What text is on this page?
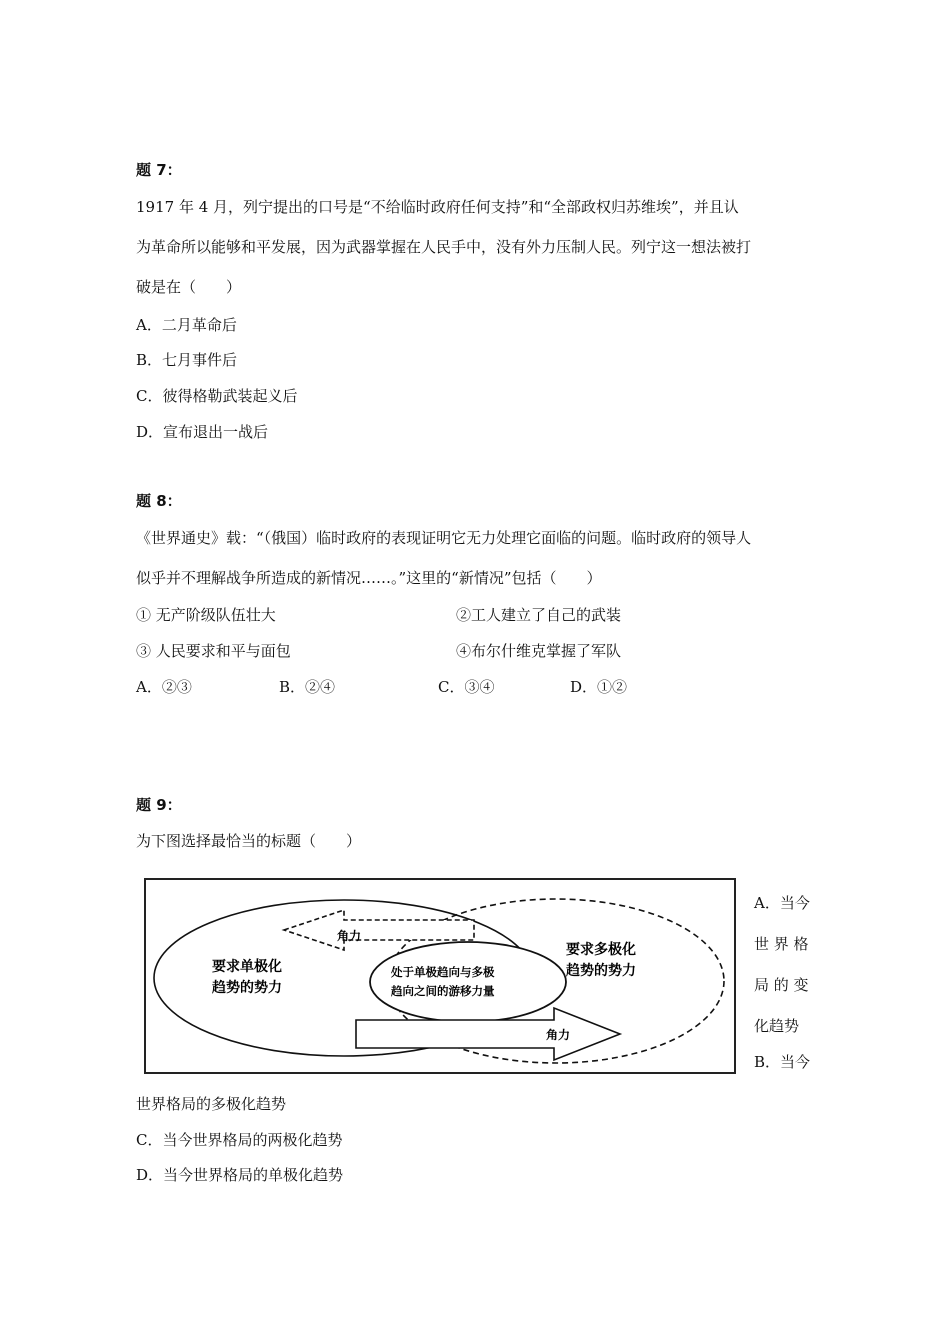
题 7：
1917 年 4 月，列宁提出的口号是“不给临时政府任何支持”和“全部政权归苏维埃”，并且认
为革命所以能够和平发展，因为武器掌握在人民手中，没有外力压制人民。列宁这一想法被打
破是在（　　）
A．二月革命后
B．七月事件后
C．彼得格勒武装起义后
D．宣布退出一战后
题 8：
《世界通史》载：“（俄国）临时政府的表现证明它无力处理它面临的问题。临时政府的领导人
似乎并不理解战争所造成的新情况……。”这里的“新情况”包括（　　）
① 无产阶级队伍壮大	②工人建立了自己的武装
③ 人民要求和平与面包	④布尔什维克掌握了军队
A．②③	B．②④	C．③④	D．①②
题 9：
为下图选择最恰当的标题（　　）
角力
角力
要求单极化
趋势的势力
要求多极化
趋势的势力
处于单极趋向与多极
趋向之间的游移力量
A．当今
世 界 格
局 的 变
化趋势
B．当今
世界格局的多极化趋势
C．当今世界格局的两极化趋势
D．当今世界格局的单极化趋势
